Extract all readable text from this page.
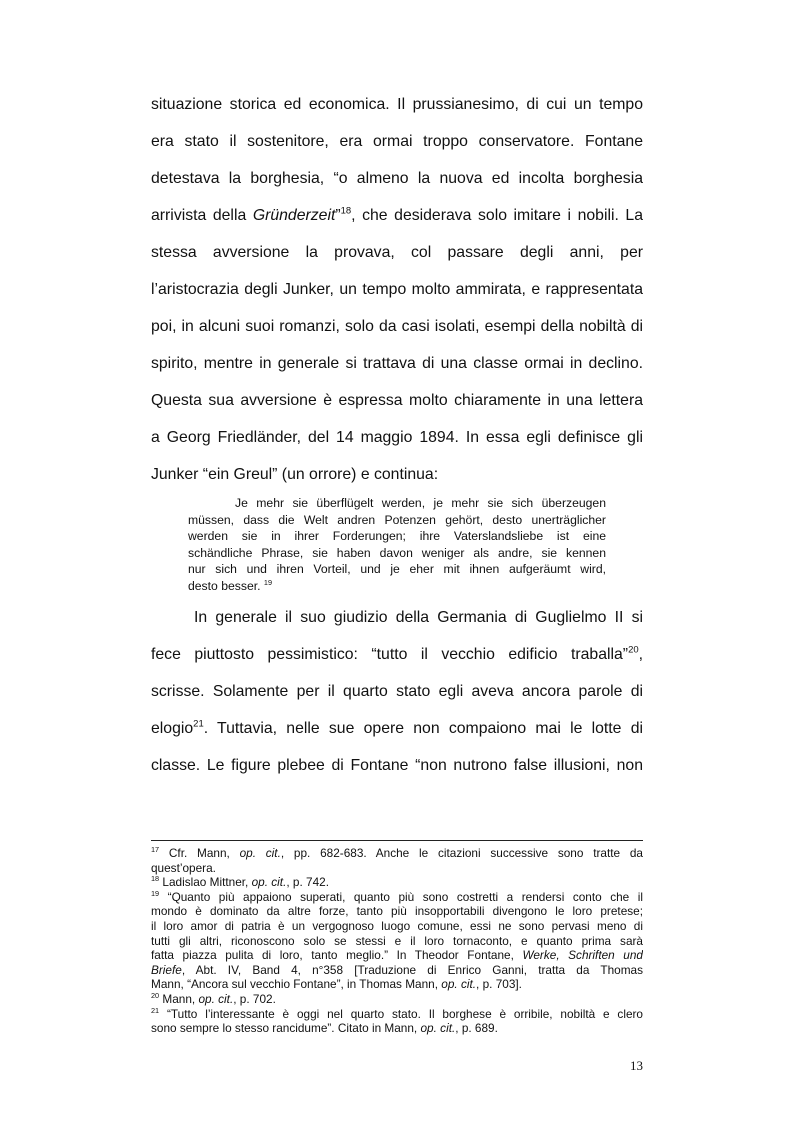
situazione storica ed economica. Il prussianesimo, di cui un tempo
era stato il sostenitore, era ormai troppo conservatore. Fontane
detestava la borghesia, “o almeno la nuova ed incolta borghesia
arrivista della Gründerzeit”$^{18}$, che desiderava solo imitare i nobili. La
stessa avversione la provava, col passare degli anni, per
l’aristocrazia degli Junker, un tempo molto ammirata, e rappresentata
poi, in alcuni suoi romanzi, solo da casi isolati, esempi della nobiltà di
spirito, mentre in generale si trattava di una classe ormai in declino.
Questa sua avversione è espressa molto chiaramente in una lettera
a Georg Friedländer, del 14 maggio 1894. In essa egli definisce gli
Junker “ein Greul” (un orrore) e continua:
Je mehr sie überflügelt werden, je mehr sie sich überzeugen
müssen, dass die Welt andren Potenzen gehört, desto unerträglicher
werden sie in ihrer Forderungen; ihre Vaterslandsliebe ist eine
schändliche Phrase, sie haben davon weniger als andre, sie kennen
nur sich und ihren Vorteil, und je eher mit ihnen aufgeräumt wird,
desto besser. $^{19}$
In generale il suo giudizio della Germania di Guglielmo II si
fece piuttosto pessimistico: “tutto il vecchio edificio traballa”$^{20}$,
scrisse. Solamente per il quarto stato egli aveva ancora parole di
elogio$^{21}$. Tuttavia, nelle sue opere non compaiono mai le lotte di
classe. Le figure plebee di Fontane “non nutrono false illusioni, non
$^{17}$ Cfr. Mann, op. cit., pp. 682-683. Anche le citazioni successive sono tratte da
quest’opera.
$^{18}$ Ladislao Mittner, op. cit., p. 742.
$^{19}$ “Quanto più appaiono superati, quanto più sono costretti a rendersi conto che il
mondo è dominato da altre forze, tanto più insopportabili divengono le loro pretese;
il loro amor di patria è un vergognoso luogo comune, essi ne sono pervasi meno di
tutti gli altri, riconoscono solo se stessi e il loro tornaconto, e quanto prima sarà
fatta piazza pulita di loro, tanto meglio.” In Theodor Fontane, Werke, Schriften und
Briefe, Abt. IV, Band 4, n°358 [Traduzione di Enrico Ganni, tratta da Thomas
Mann, “Ancora sul vecchio Fontane”, in Thomas Mann, op. cit., p. 703].
$^{20}$ Mann, op. cit., p. 702.
$^{21}$ “Tutto l’interessante è oggi nel quarto stato. Il borghese è orribile, nobiltà e clero
sono sempre lo stesso rancidume”. Citato in Mann, op. cit., p. 689.
13
